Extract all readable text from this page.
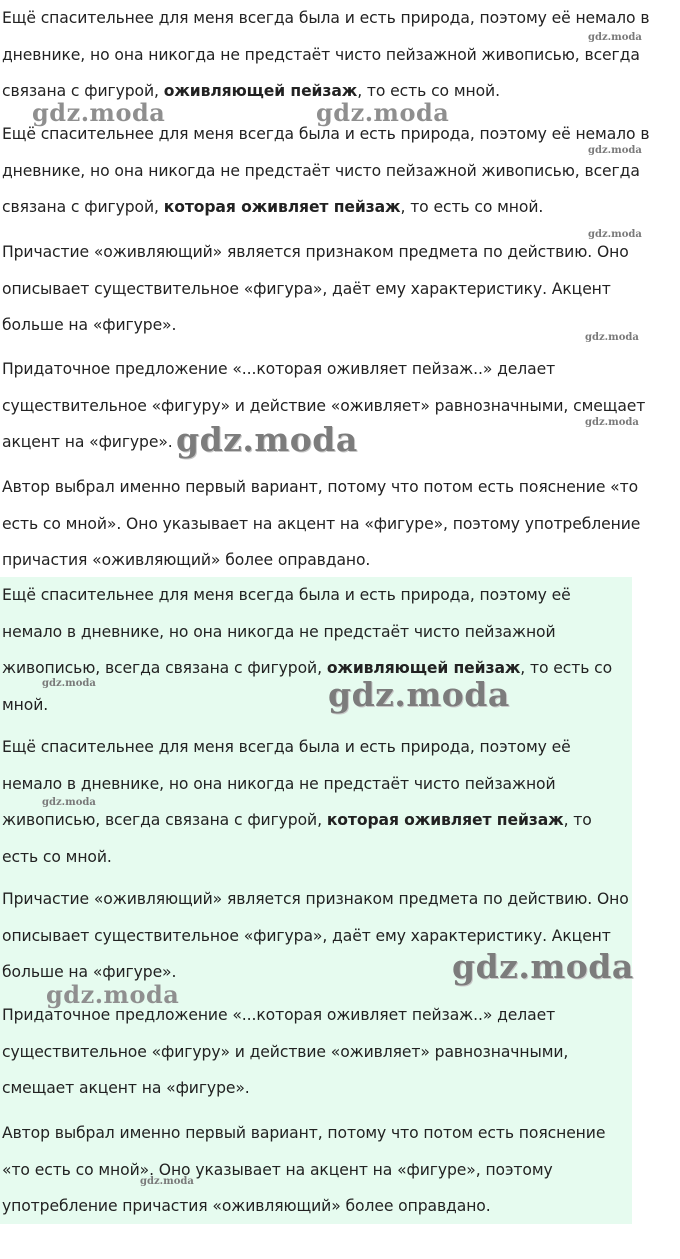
Ещё спасительнее для меня всегда была и есть природа, поэтому её немало в дневнике, но она никогда не предстаёт чисто пейзажной живописью, всегда связана с фигурой, оживляющей пейзаж, то есть со мной.

Ещё спасительнее для меня всегда была и есть природа, поэтому её немало в дневнике, но она никогда не предстаёт чисто пейзажной живописью, всегда связана с фигурой, которая оживляет пейзаж, то есть со мной.

Причастие «оживляющий» является признаком предмета по действию. Оно описывает существительное «фигура», даёт ему характеристику. Акцент больше на «фигуре».

Придаточное предложение «...которая оживляет пейзаж..» делает существительное «фигуру» и действие «оживляет» равнозначными, смещает акцент на «фигуре».

Автор выбрал именно первый вариант, потому что потом есть пояснение «то есть со мной». Оно указывает на акцент на «фигуре», поэтому употребление причастия «оживляющий» более оправдано.

Ещё спасительнее для меня всегда была и есть природа, поэтому её немало в дневнике, но она никогда не предстаёт чисто пейзажной живописью, всегда связана с фигурой, оживляющей пейзаж, то есть со мной.

Ещё спасительнее для меня всегда была и есть природа, поэтому её немало в дневнике, но она никогда не предстаёт чисто пейзажной живописью, всегда связана с фигурой, которая оживляет пейзаж, то есть со мной.

Причастие «оживляющий» является признаком предмета по действию. Оно описывает существительное «фигура», даёт ему характеристику. Акцент больше на «фигуре».

Придаточное предложение «...которая оживляет пейзаж..» делает существительное «фигуру» и действие «оживляет» равнозначными, смещает акцент на «фигуре».

Автор выбрал именно первый вариант, потому что потом есть пояснение «то есть со мной». Оно указывает на акцент на «фигуре», поэтому употребление причастия «оживляющий» более оправдано.

gdz.moda
gdz.moda	gdz.moda
gdz.moda
gdz.moda
gdz.moda
gdz.moda
gdz.moda
gdz.moda	gdz.moda
gdz.moda
gdz.moda
gdz.moda
gdz.moda
